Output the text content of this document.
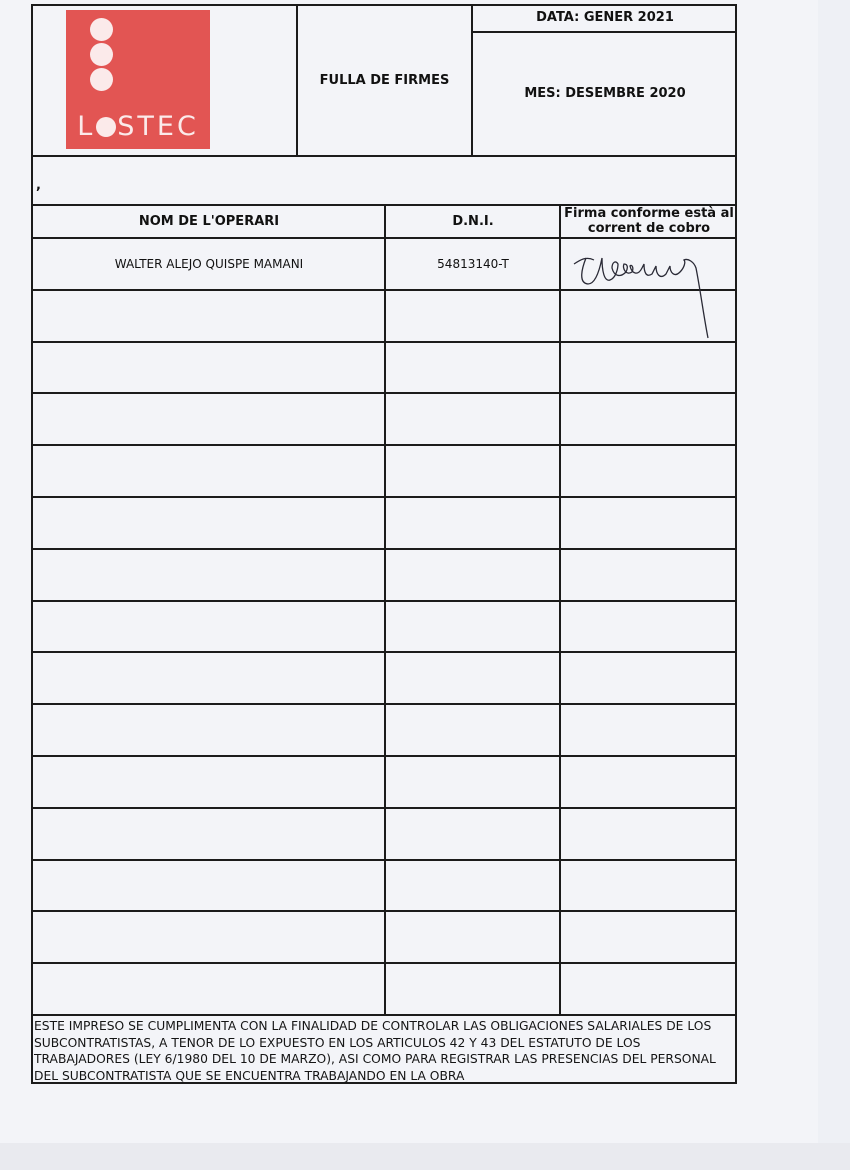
L STEC
FULLA DE FIRMES
DATA: GENER 2021
MES: DESEMBRE 2020
,
NOM DE L'OPERARI	D.N.I.
Firma conforme està al corrent de cobro
WALTER ALEJO QUISPE MAMANI	54813140-T
ESTE IMPRESO SE CUMPLIMENTA CON LA FINALIDAD DE CONTROLAR LAS OBLIGACIONES SALARIALES DE LOS SUBCONTRATISTAS, A TENOR DE LO EXPUESTO EN LOS ARTICULOS 42 Y 43 DEL ESTATUTO DE LOS TRABAJADORES (LEY 6/1980 DEL 10 DE MARZO), ASI COMO PARA REGISTRAR LAS PRESENCIAS DEL PERSONAL DEL SUBCONTRATISTA QUE SE ENCUENTRA TRABAJANDO EN LA OBRA
